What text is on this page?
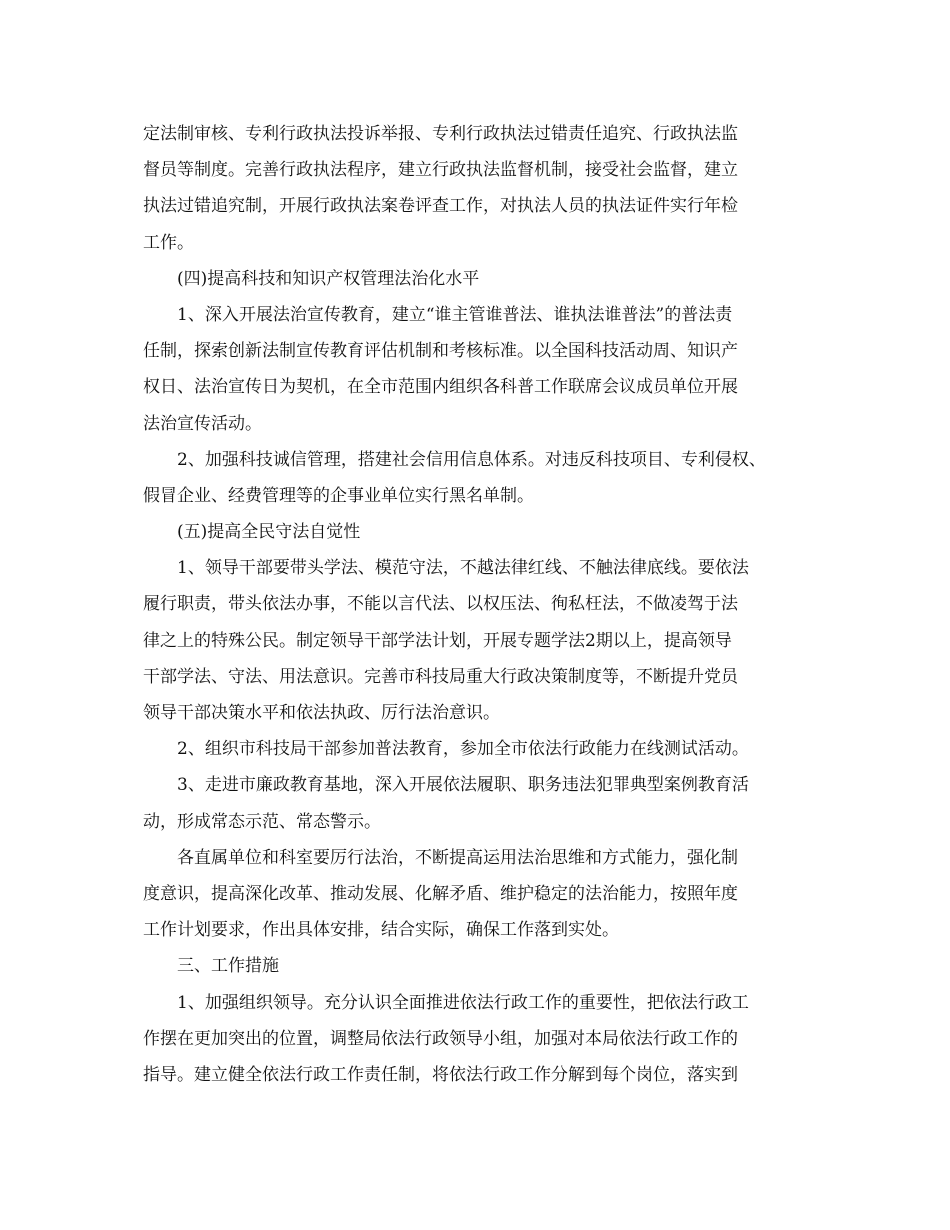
定法制审核、专利行政执法投诉举报、专利行政执法过错责任追究、行政执法监
督员等制度。完善行政执法程序，建立行政执法监督机制，接受社会监督，建立
执法过错追究制，开展行政执法案卷评查工作，对执法人员的执法证件实行年检
工作。
(四)提高科技和知识产权管理法治化水平
1、深入开展法治宣传教育，建立“谁主管谁普法、谁执法谁普法”的普法责
任制，探索创新法制宣传教育评估机制和考核标准。以全国科技活动周、知识产
权日、法治宣传日为契机，在全市范围内组织各科普工作联席会议成员单位开展
法治宣传活动。
2、加强科技诚信管理，搭建社会信用信息体系。对违反科技项目、专利侵权、
假冒企业、经费管理等的企事业单位实行黑名单制。
(五)提高全民守法自觉性
1、领导干部要带头学法、模范守法，不越法律红线、不触法律底线。要依法
履行职责，带头依法办事，不能以言代法、以权压法、徇私枉法，不做凌驾于法
律之上的特殊公民。制定领导干部学法计划，开展专题学法2期以上，提高领导
干部学法、守法、用法意识。完善市科技局重大行政决策制度等，不断提升党员
领导干部决策水平和依法执政、厉行法治意识。
2、组织市科技局干部参加普法教育，参加全市依法行政能力在线测试活动。
3、走进市廉政教育基地，深入开展依法履职、职务违法犯罪典型案例教育活
动，形成常态示范、常态警示。
各直属单位和科室要厉行法治，不断提高运用法治思维和方式能力，强化制
度意识，提高深化改革、推动发展、化解矛盾、维护稳定的法治能力，按照年度
工作计划要求，作出具体安排，结合实际，确保工作落到实处。
三、工作措施
1、加强组织领导。充分认识全面推进依法行政工作的重要性，把依法行政工
作摆在更加突出的位置，调整局依法行政领导小组，加强对本局依法行政工作的
指导。建立健全依法行政工作责任制，将依法行政工作分解到每个岗位，落实到
